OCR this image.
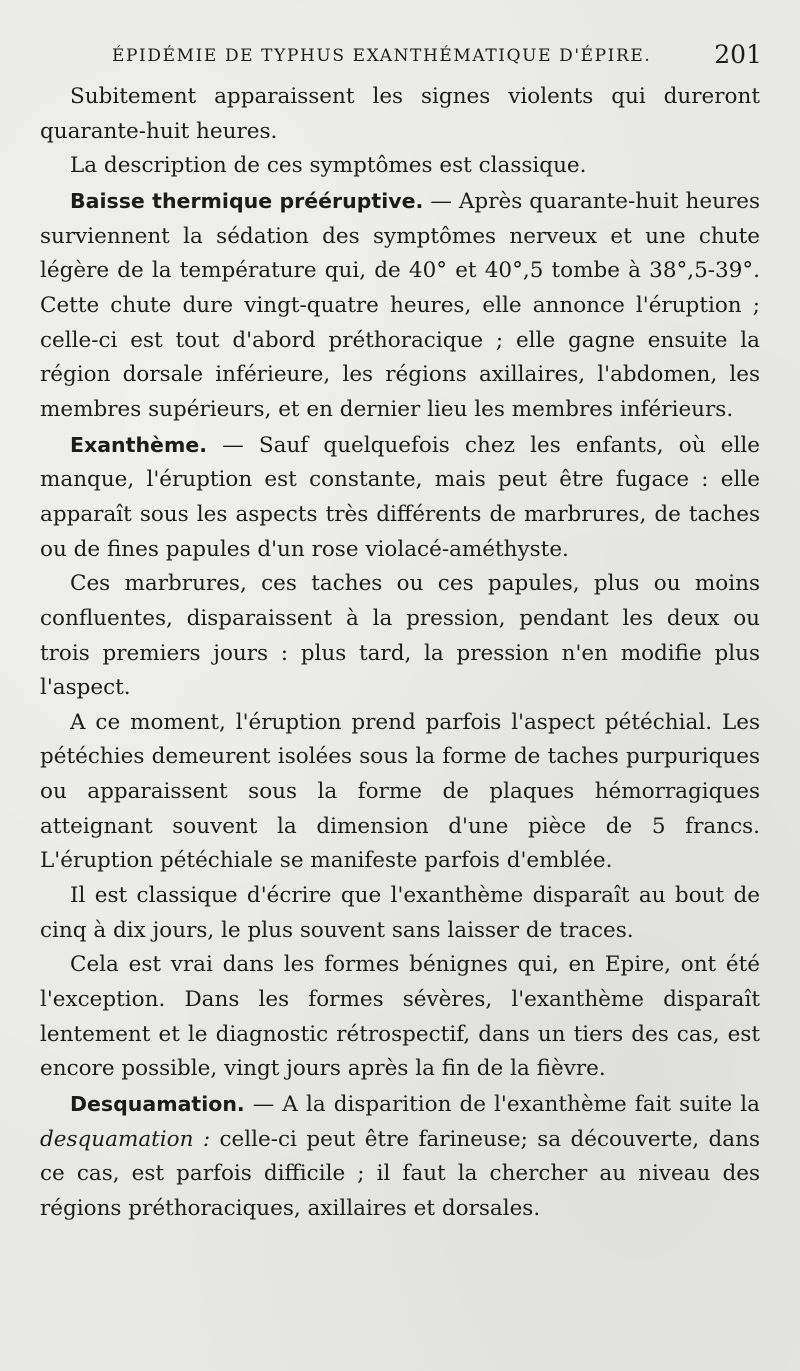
ÉPIDÉMIE DE TYPHUS EXANTHÉMATIQUE D'ÉPIRE.	201

Subitement apparaissent les signes violents qui dureront quarante-huit heures.

La description de ces symptômes est classique.

Baisse thermique prééruptive. — Après quarante-huit heures surviennent la sédation des symptômes nerveux et une chute légère de la température qui, de 40° et 40°,5 tombe à 38°,5-39°. Cette chute dure vingt-quatre heures, elle annonce l'éruption ; celle-ci est tout d'abord préthoracique ; elle gagne ensuite la région dorsale inférieure, les régions axillaires, l'abdomen, les membres supérieurs, et en dernier lieu les membres inférieurs.

Exanthème. — Sauf quelquefois chez les enfants, où elle manque, l'éruption est constante, mais peut être fugace : elle apparaît sous les aspects très différents de marbrures, de taches ou de fines papules d'un rose violacé-améthyste.

Ces marbrures, ces taches ou ces papules, plus ou moins confluentes, disparaissent à la pression, pendant les deux ou trois premiers jours : plus tard, la pression n'en modifie plus l'aspect.

A ce moment, l'éruption prend parfois l'aspect pétéchial. Les pétéchies demeurent isolées sous la forme de taches purpuriques ou apparaissent sous la forme de plaques hémorragiques atteignant souvent la dimension d'une pièce de 5 francs. L'éruption pétéchiale se manifeste parfois d'emblée.

Il est classique d'écrire que l'exanthème disparaît au bout de cinq à dix jours, le plus souvent sans laisser de traces.

Cela est vrai dans les formes bénignes qui, en Epire, ont été l'exception. Dans les formes sévères, l'exanthème disparaît lentement et le diagnostic rétrospectif, dans un tiers des cas, est encore possible, vingt jours après la fin de la fièvre.

Desquamation. — A la disparition de l'exanthème fait suite la desquamation : celle-ci peut être farineuse; sa découverte, dans ce cas, est parfois difficile ; il faut la chercher au niveau des régions préthoraciques, axillaires et dorsales.
